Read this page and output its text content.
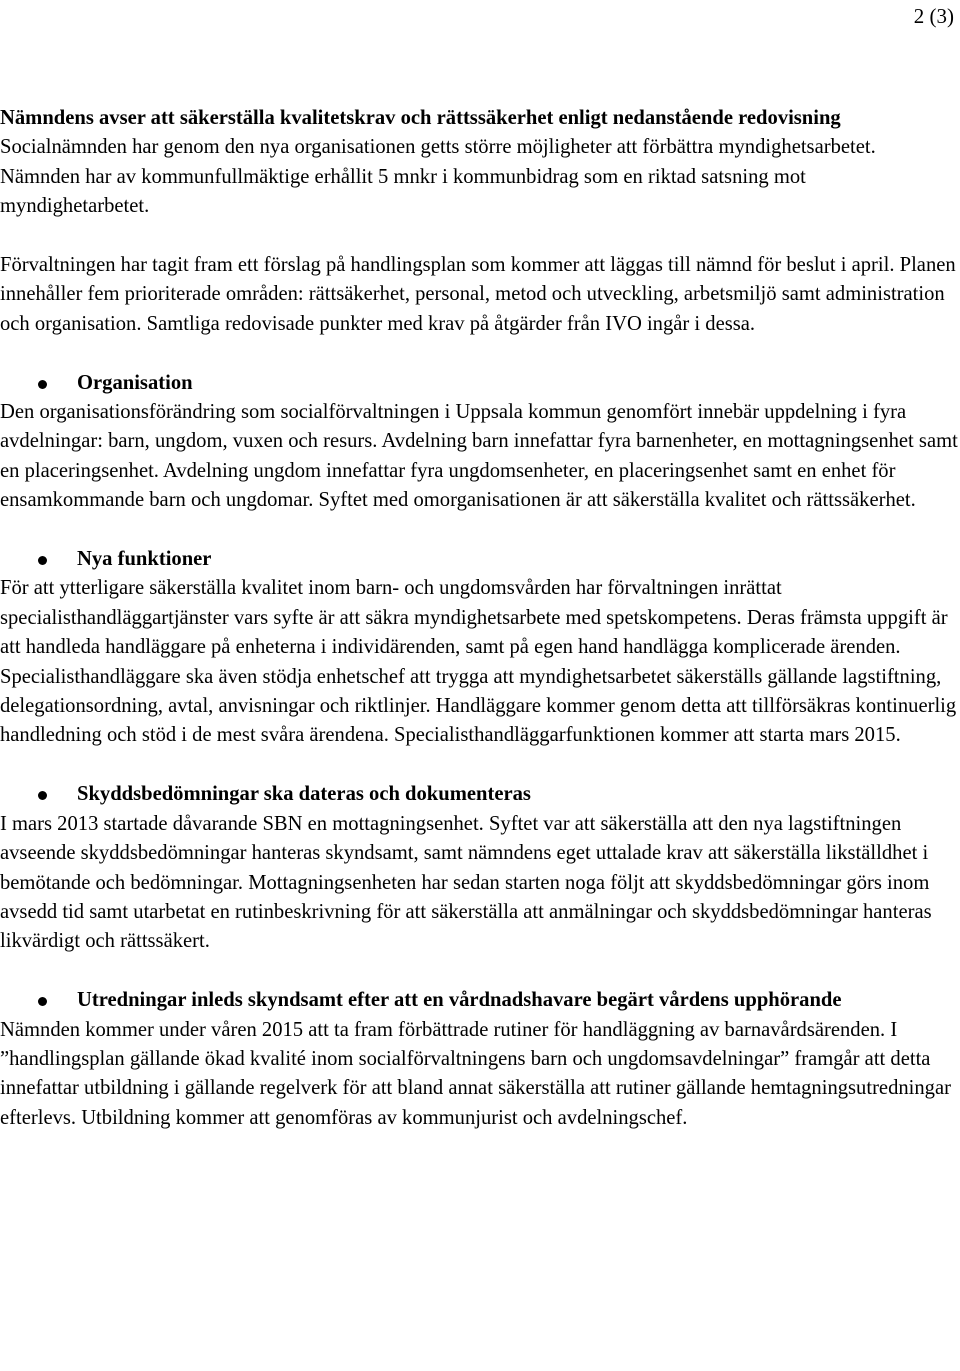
2 (3)

Nämndens avser att säkerställa kvalitetskrav och rättssäkerhet enligt nedanstående redovisning

Socialnämnden har genom den nya organisationen getts större möjligheter att förbättra myndighetsarbetet. Nämnden har av kommunfullmäktige erhållit 5 mnkr i kommunbidrag som en riktad satsning mot myndighetarbetet.

Förvaltningen har tagit fram ett förslag på handlingsplan som kommer att läggas till nämnd för beslut i april. Planen innehåller fem prioriterade områden: rättsäkerhet, personal, metod och utveckling, arbetsmiljö samt administration och organisation. Samtliga redovisade punkter med krav på åtgärder från IVO ingår i dessa.

Organisation

Den organisationsförändring som socialförvaltningen i Uppsala kommun genomfört innebär uppdelning i fyra avdelningar: barn, ungdom, vuxen och resurs. Avdelning barn innefattar fyra barnenheter, en mottagningsenhet samt en placeringsenhet. Avdelning ungdom innefattar fyra ungdomsenheter, en placeringsenhet samt en enhet för ensamkommande barn och ungdomar. Syftet med omorganisationen är att säkerställa kvalitet och rättssäkerhet.

Nya funktioner

För att ytterligare säkerställa kvalitet inom barn- och ungdomsvården har förvaltningen inrättat specialisthandläggartjänster vars syfte är att säkra myndighetsarbete med spetskompetens. Deras främsta uppgift är att handleda handläggare på enheterna i individärenden, samt på egen hand handlägga komplicerade ärenden. Specialisthandläggare ska även stödja enhetschef att trygga att myndighetsarbetet säkerställs gällande lagstiftning, delegationsordning, avtal, anvisningar och riktlinjer. Handläggare kommer genom detta att tillförsäkras kontinuerlig handledning och stöd i de mest svåra ärendena. Specialisthandläggarfunktionen kommer att starta mars 2015.

Skyddsbedömningar ska dateras och dokumenteras

I mars 2013 startade dåvarande SBN en mottagningsenhet. Syftet var att säkerställa att den nya lagstiftningen avseende skyddsbedömningar hanteras skyndsamt, samt nämndens eget uttalade krav att säkerställa likställdhet i bemötande och bedömningar. Mottagningsenheten har sedan starten noga följt att skyddsbedömningar görs inom avsedd tid samt utarbetat en rutinbeskrivning för att säkerställa att anmälningar och skyddsbedömningar hanteras likvärdigt och rättssäkert.

Utredningar inleds skyndsamt efter att en vårdnadshavare begärt vårdens upphörande

Nämnden kommer under våren 2015 att ta fram förbättrade rutiner för handläggning av barnavårdsärenden. I ”handlingsplan gällande ökad kvalité inom socialförvaltningens barn och ungdomsavdelningar” framgår att detta innefattar utbildning i gällande regelverk för att bland annat säkerställa att rutiner gällande hemtagningsutredningar efterlevs. Utbildning kommer att genomföras av kommunjurist och avdelningschef.
